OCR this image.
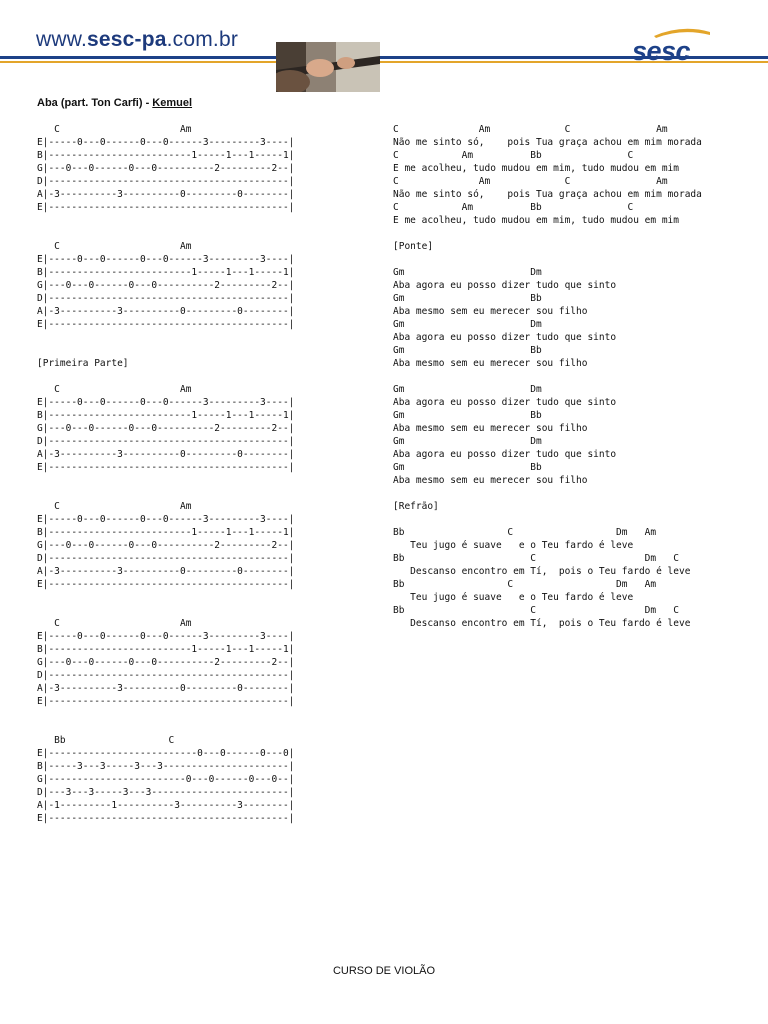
www.sesc-pa.com.br	sesc
Aba (part. Ton Carfi) - Kemuel
C                     Am
E|-----0---0------0---0------3---------3----|
B|-------------------------1-----1---1-----1|
G|---0---0------0---0----------2---------2--|
D|------------------------------------------|
A|-3----------3----------0---------0--------|
E|------------------------------------------|
C                     Am
E|-----0---0------0---0------3---------3----|
B|-------------------------1-----1---1-----1|
G|---0---0------0---0----------2---------2--|
D|------------------------------------------|
A|-3----------3----------0---------0--------|
E|------------------------------------------|
[Primeira Parte]
C                     Am
E|-----0---0------0---0------3---------3----|
B|-------------------------1-----1---1-----1|
G|---0---0------0---0----------2---------2--|
D|------------------------------------------|
A|-3----------3----------0---------0--------|
E|------------------------------------------|
C                     Am
E|-----0---0------0---0------3---------3----|
B|-------------------------1-----1---1-----1|
G|---0---0------0---0----------2---------2--|
D|------------------------------------------|
A|-3----------3----------0---------0--------|
E|------------------------------------------|
C                     Am
E|-----0---0------0---0------3---------3----|
B|-------------------------1-----1---1-----1|
G|---0---0------0---0----------2---------2--|
D|------------------------------------------|
A|-3----------3----------0---------0--------|
E|------------------------------------------|
Bb                  C
E|--------------------------0---0------0---0|
B|-----3---3-----3---3----------------------|
G|------------------------0---0------0---0--|
D|---3---3-----3---3------------------------|
A|-1---------1----------3----------3--------|
E|------------------------------------------|
C              Am             C               Am
Não me sinto só,    pois Tua graça achou em mim morada
C           Am          Bb               C
E me acolheu, tudo mudou em mim, tudo mudou em mim
C              Am             C               Am
Não me sinto só,    pois Tua graça achou em mim morada
C           Am          Bb               C
E me acolheu, tudo mudou em mim, tudo mudou em mim
[Ponte]
Gm                      Dm
Aba agora eu posso dizer tudo que sinto
Gm                      Bb
Aba mesmo sem eu merecer sou filho
Gm                      Dm
Aba agora eu posso dizer tudo que sinto
Gm                      Bb
Aba mesmo sem eu merecer sou filho
Gm                      Dm
Aba agora eu posso dizer tudo que sinto
Gm                      Bb
Aba mesmo sem eu merecer sou filho
Gm                      Dm
Aba agora eu posso dizer tudo que sinto
Gm                      Bb
Aba mesmo sem eu merecer sou filho
[Refrão]
Bb                  C                  Dm   Am
Teu jugo é suave   e o Teu fardo é leve
Bb                      C                   Dm   C
Descanso encontro em Tí,  pois o Teu fardo é leve
Bb                  C                  Dm   Am
Teu jugo é suave   e o Teu fardo é leve
Bb                      C                   Dm   C
Descanso encontro em Tí,  pois o Teu fardo é leve
CURSO DE VIOLÃO
